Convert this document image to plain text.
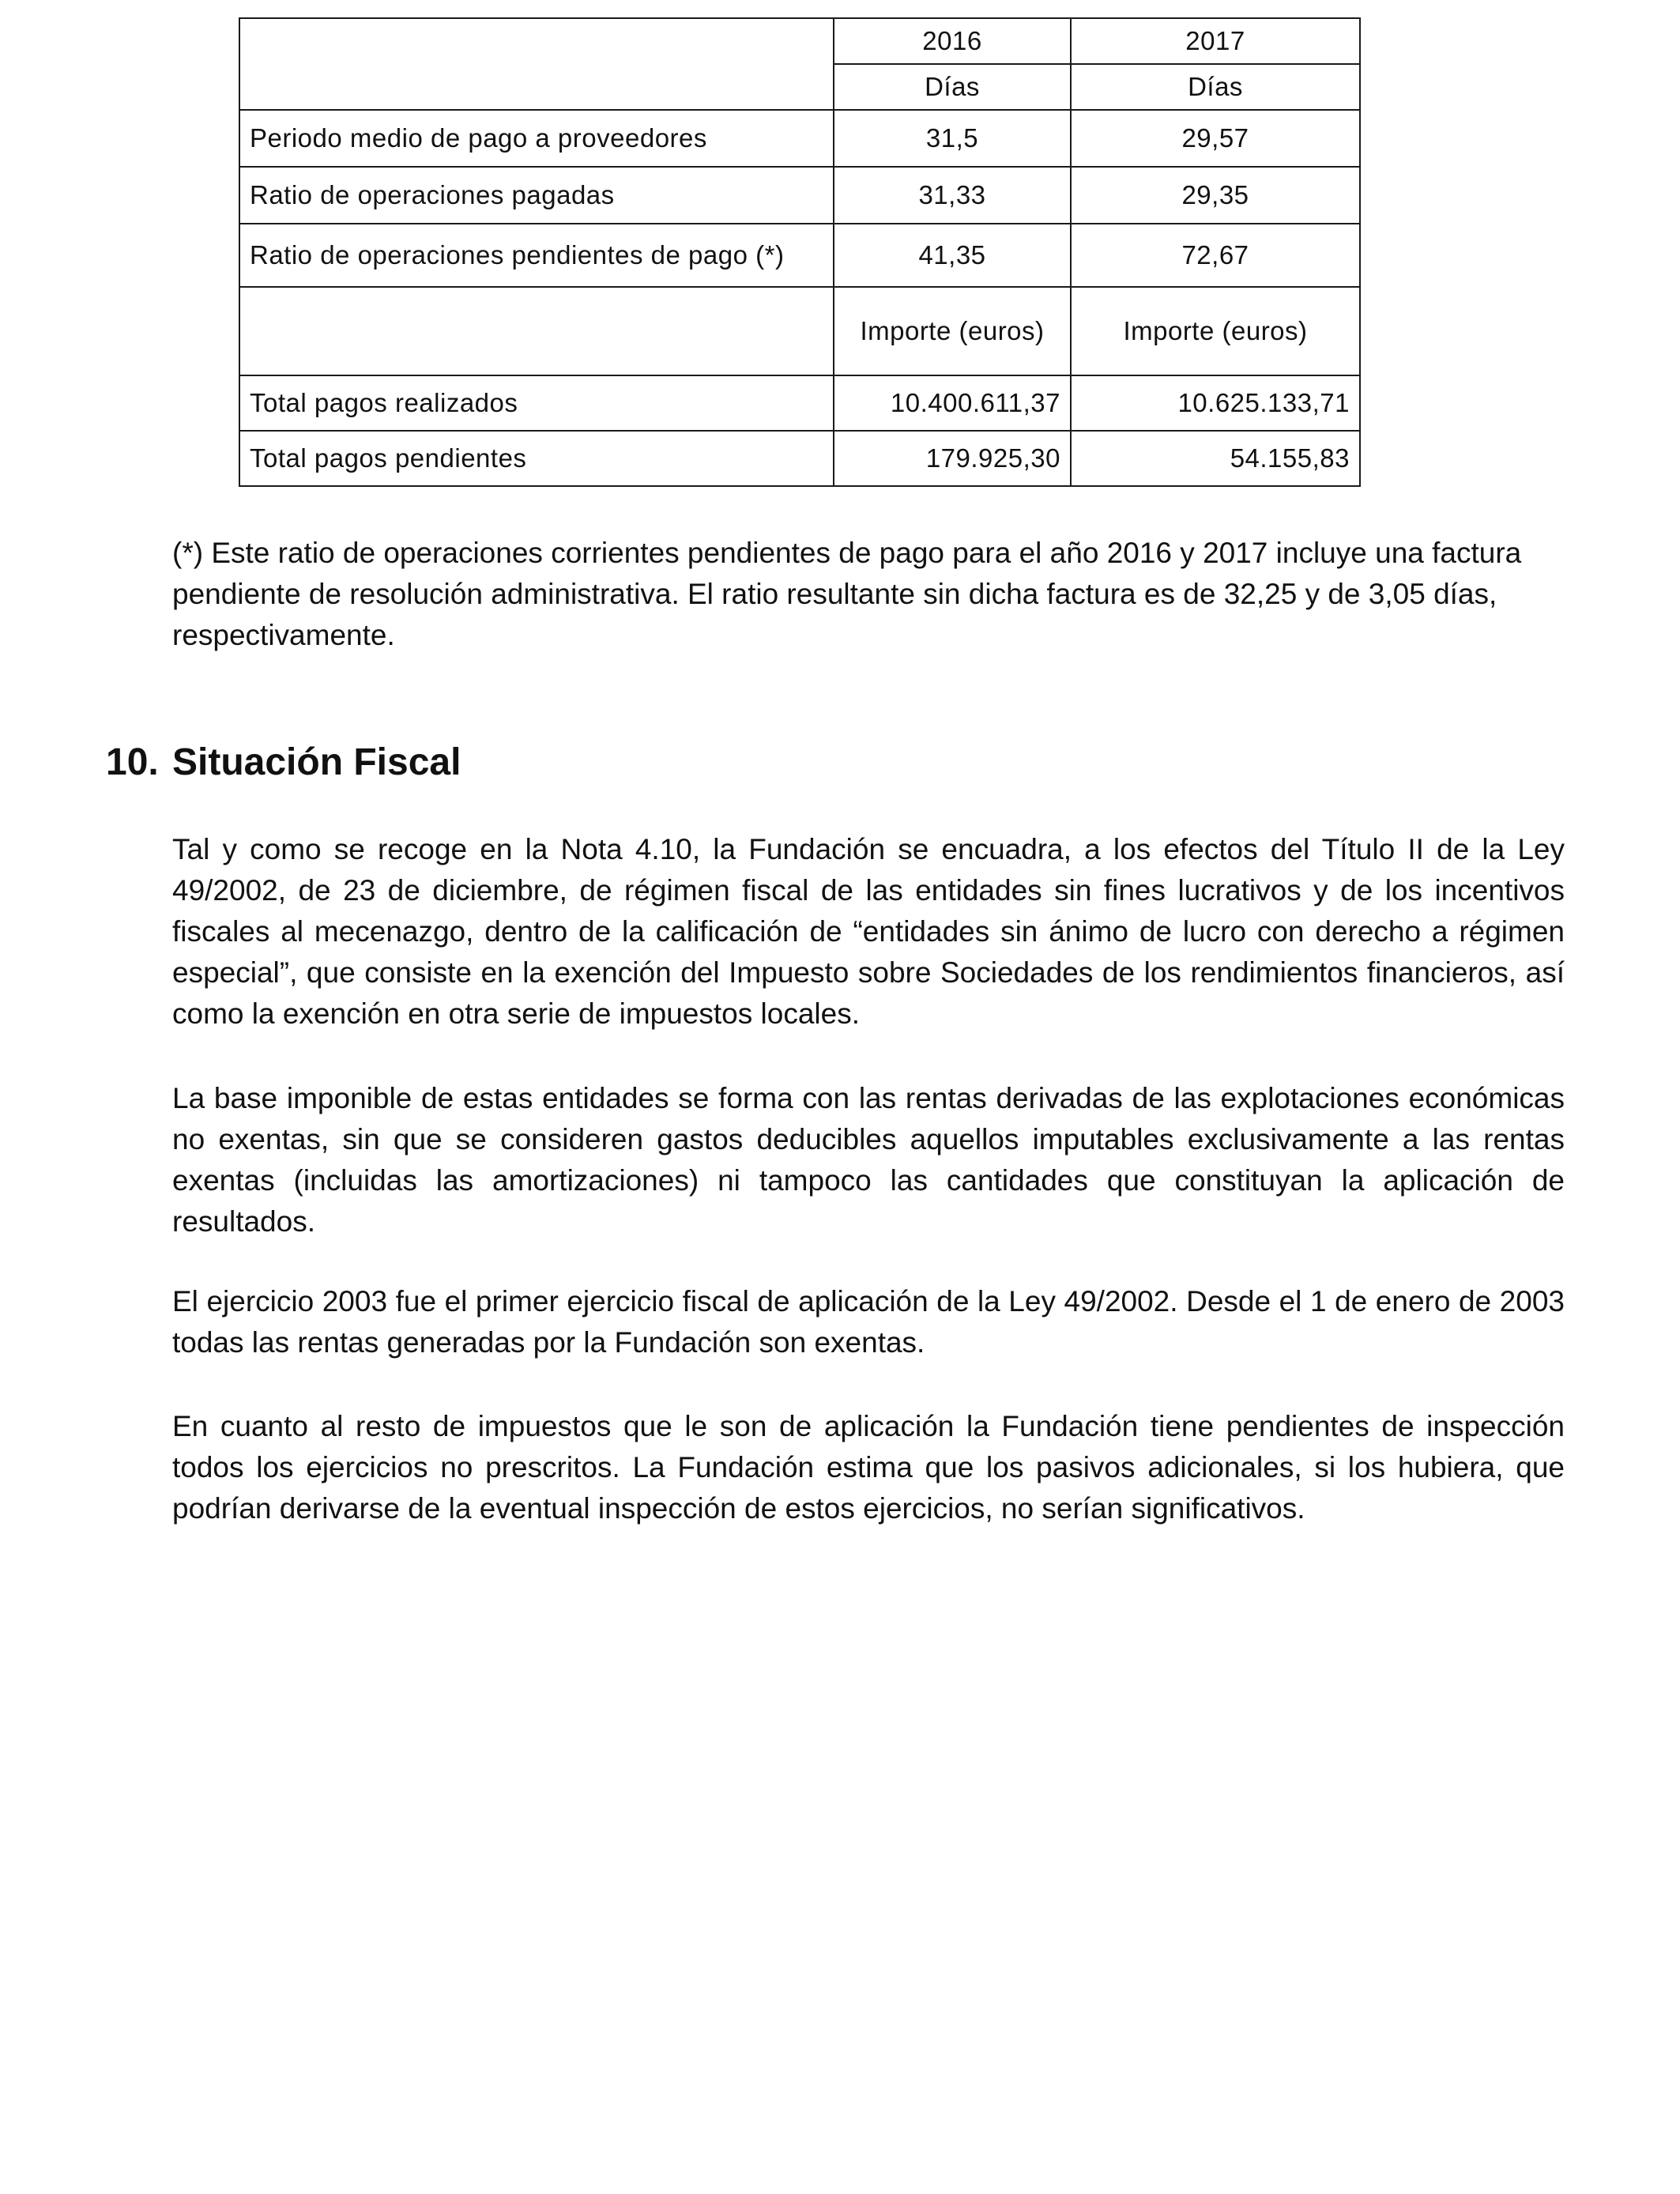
	2016	2017
	Días	Días
Periodo medio de pago a proveedores	31,5	29,57
Ratio de operaciones pagadas	31,33	29,35
Ratio de operaciones pendientes de pago (*)	41,35	72,67
	Importe (euros)	Importe (euros)
Total pagos realizados	10.400.611,37	10.625.133,71
Total pagos pendientes	179.925,30	54.155,83

(*) Este ratio de operaciones corrientes pendientes de pago para el año 2016 y 2017 incluye una factura pendiente de resolución administrativa. El ratio resultante sin dicha factura es de 32,25 y de 3,05 días, respectivamente.

10. Situación Fiscal

Tal y como se recoge en la Nota 4.10, la Fundación se encuadra, a los efectos del Título II de la Ley 49/2002, de 23 de diciembre, de régimen fiscal de las entidades sin fines lucrativos y de los incentivos fiscales al mecenazgo, dentro de la calificación de “entidades sin ánimo de lucro con derecho a régimen especial”, que consiste en la exención del Impuesto sobre Sociedades de los rendimientos financieros, así como la exención en otra serie de impuestos locales.

La base imponible de estas entidades se forma con las rentas derivadas de las explotaciones económicas no exentas, sin que se consideren gastos deducibles aquellos imputables exclusivamente a las rentas exentas (incluidas las amortizaciones) ni tampoco las cantidades que constituyan la aplicación de resultados.

El ejercicio 2003 fue el primer ejercicio fiscal de aplicación de la Ley 49/2002. Desde el 1 de enero de 2003 todas las rentas generadas por la Fundación son exentas.

En cuanto al resto de impuestos que le son de aplicación la Fundación tiene pendientes de inspección todos los ejercicios no prescritos. La Fundación estima que los pasivos adicionales, si los hubiera, que podrían derivarse de la eventual inspección de estos ejercicios, no serían significativos.
